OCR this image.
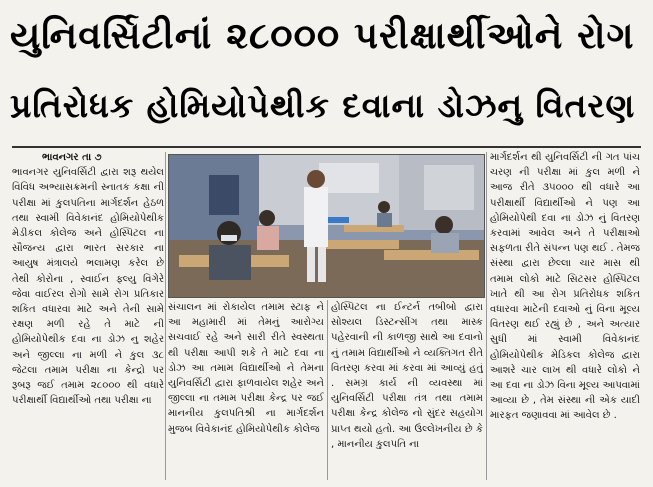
યુનિવર્સિટીનાં ૨૮૦૦૦ પરીક્ષાર્થીઓને રોગ
પ્રતિરોધક હોમિયોપેથીક દવાના ડોઝનુ વિતરણ

ભાવનગર તા ૭

ભાવનગર યુનિવર્સિટી દ્વારા શરૂ થયેલ વિવિધ અભ્યાસક્રમની સ્નાતક કક્ષા ની પરીક્ષા માં કુલપતિના માર્ગદર્શન હેઠળ તથા સ્વામી વિવેકાનંદ હોમિયોપેથીક મેડીકલ કોલેજ અને હોસ્પિટલ ના સૌજન્ય દ્વારા ભારત સરકાર ના આયુષ મંત્રાલયે ભલામણ કરેલ છે તેથી કોરોના , સ્વાઈન ફ્લ્યુ વિગેરે જેવા વાઈરલ રોગો સામે રોગ પ્રતિકાર શકિત વધારવા માટે અને તેની સામે રક્ષણ મળી રહે તે માટે ની હોમિયોપેથીક દવા ના ડોઝ નુ શહેર અને જીલ્લા ના મળી ને કુલ ૩૮ જેટલા તમામ પરીક્ષા ના કેન્દ્રો પર રૂબરૂ જઈ તમામ ૨૮૦૦૦ થી વધારે પરીક્ષાર્થી વિદ્યાર્થીઓ તથા પરીક્ષા ના

સંચાલન માં રોકાયેલ તમામ સ્ટાફ ને આ મહામારી માં તેમનું આરોગ્ય સચવાઈ રહે અને સારી રીતે સ્વસ્થતા થી પરીક્ષા આપી શકે તે માટે દવા ના ડોઝ આ તમામ વિદ્યાર્થીઓ ને તેમના યુનિવર્સિટી દ્વારા ફાળવાયેલ શહેર અને જીલ્લા ના તમામ પરીક્ષા કેન્દ્ર પર જઈ માનનીય કુલપતિશ્રી ના માર્ગદર્શન મુજબ વિવેકાનંદ હોમિયોપેથીક કોલેજ

હોસ્પિટલ ના ઈન્ટર્ન તબીબો દ્વારા સોશ્યલ ડિસ્ટન્સીંગ તથા માસ્ક પહેરવાની ની કાળજી સાથે આ દવાનો નું તમામ વિદ્યાર્થીઓ ને વ્યક્તિગત રીતે વિતરણ કરવા માં કરવા માં આવ્યું હતું . સમગ્ર કાર્ય ની વ્યવસ્થા માં યુનિવર્સિટી પરીક્ષા તંત્ર તથા તમામ પરીક્ષા કેન્દ્ર કોલેજ નો સુંદર સહયોગ પ્રાપ્ત થયો હતો. આ ઉલ્લેખનીય છે કે , માનનીય કુલપતિ ના

માર્ગદર્શન થી યુનિવર્સિટી ની ગત પાંચ ચરણ ની પરીક્ષા માં કુલ મળી ને આજ રીતે ૩૫૦૦૦ થી વધારે આ પરીક્ષાર્થી વિદ્યાર્થીઓ ને પણ આ હોમિયોપેથી દવા ના ડોઝ નું વિતરણ કરવામાં આવેલ અને તે પરીક્ષાઓ સફળતા રીતે સંપન્ન પણ થઈ . તેમજ સંસ્થા દ્વારા છેલ્લા ચાર માસ થી તમામ લોકો માટે સિટસર હોસ્પિટલ ખાતે થી આ રોગ પ્રતિરોધક શકિત વધારવા માટેની દવાઓ નું વિના મૂલ્ય વિતરણ થઈ રહ્યું છે , અને અત્યાર સુધી માં સ્વામી વિવેકાનંદ હોમિયોપેથીક મેડિકલ કોલેજ દ્વારા આશરે ચાર લાખ થી વધારે લોકો ને આ દવા ના ડોઝ વિના મૂલ્ય આપવામાં આવ્યા છે , તેમ સંસ્થા ની એક યાદી મારફત જણાવવા માં આવેલ છે .
